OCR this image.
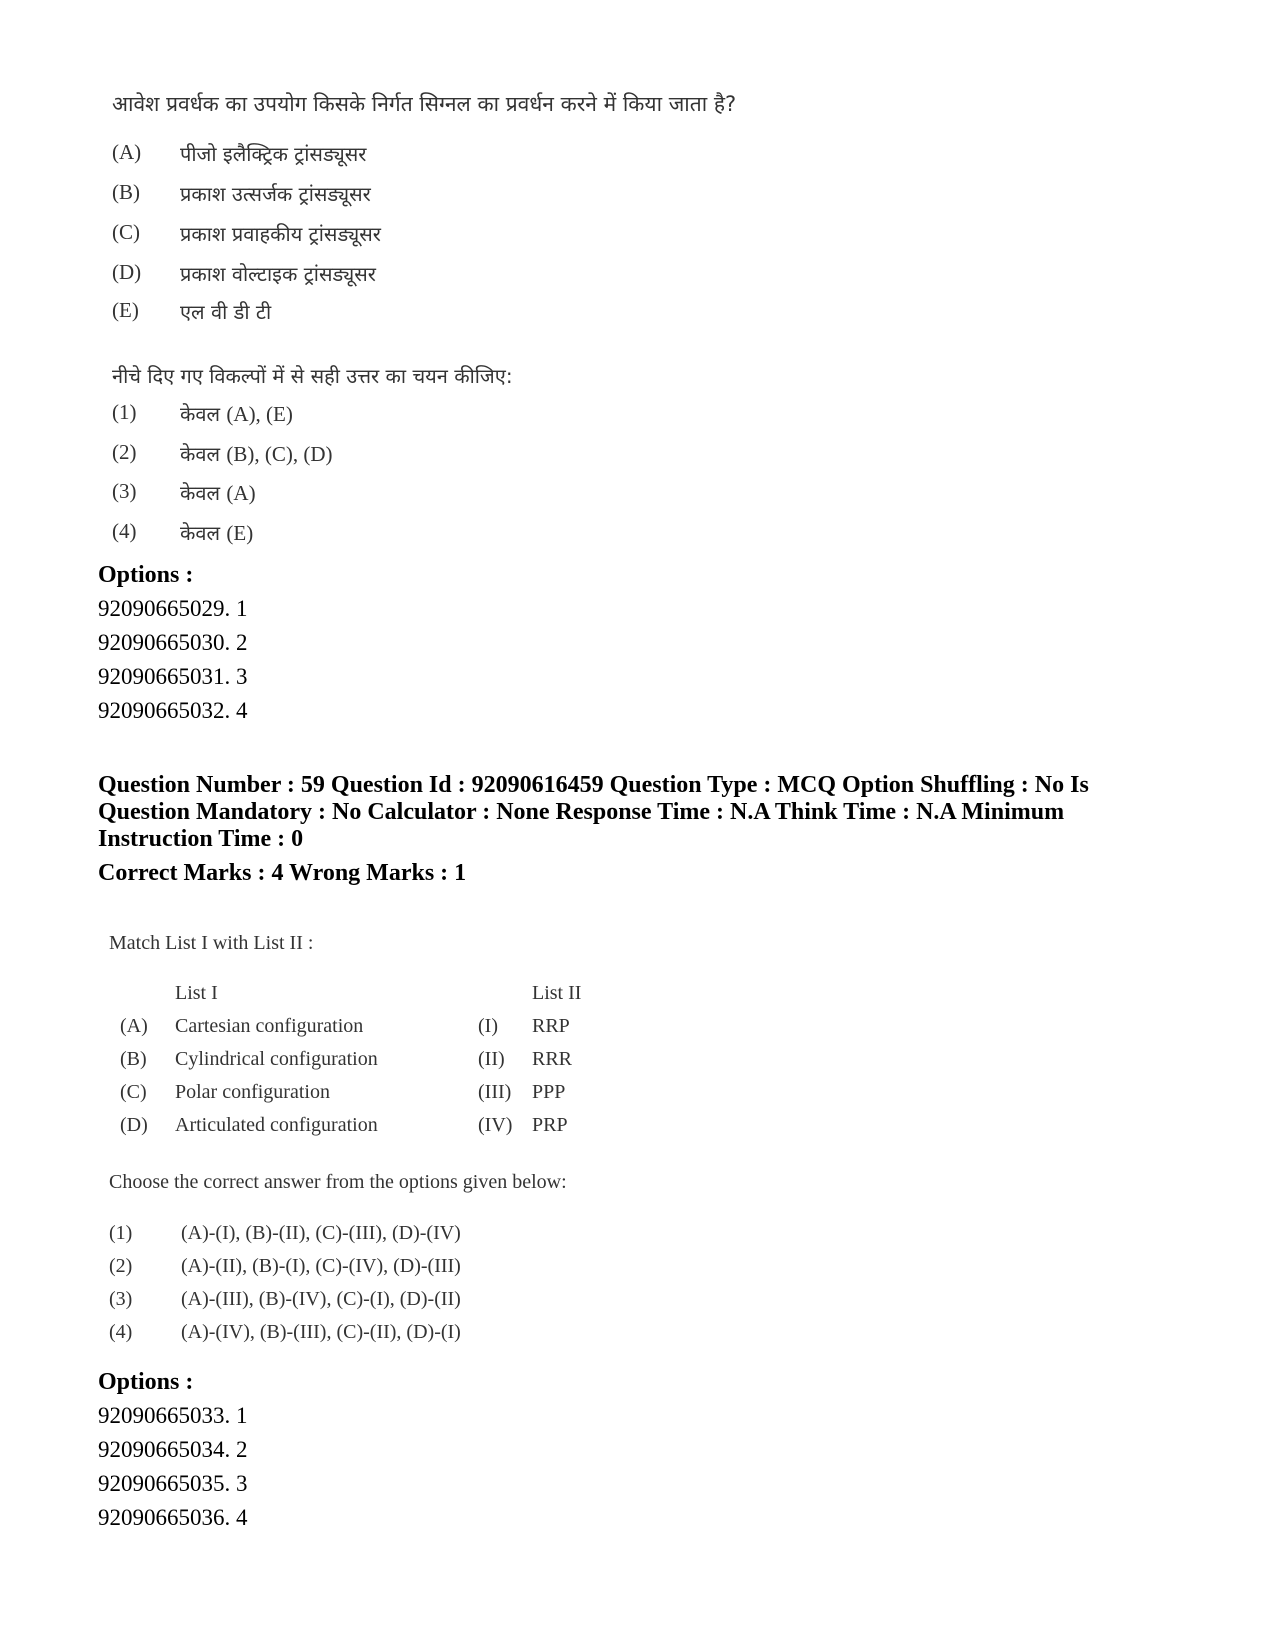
आवेश प्रवर्धक का उपयोग किसके निर्गत सिग्नल का प्रवर्धन करने में किया जाता है?
(A)	पीजो इलैक्ट्रिक ट्रांसड्यूसर
(B)	प्रकाश उत्सर्जक ट्रांसड्यूसर
(C)	प्रकाश प्रवाहकीय ट्रांसड्यूसर
(D)	प्रकाश वोल्टाइक ट्रांसड्यूसर
(E)	एल वी डी टी
नीचे दिए गए विकल्पों में से सही उत्तर का चयन कीजिए:
(1)	केवल (A), (E)
(2)	केवल (B), (C), (D)
(3)	केवल (A)
(4)	केवल (E)
Options :
92090665029. 1
92090665030. 2
92090665031. 3
92090665032. 4
Question Number : 59 Question Id : 92090616459 Question Type : MCQ Option Shuffling : No Is
Question Mandatory : No Calculator : None Response Time : N.A Think Time : N.A Minimum
Instruction Time : 0
Correct Marks : 4 Wrong Marks : 1
Match List I with List II :
List I	List II
(A) Cartesian configuration	(I) RRP
(B) Cylindrical configuration	(II) RRR
(C) Polar configuration	(III) PPP
(D) Articulated configuration	(IV) PRP
Choose the correct answer from the options given below:
(1) (A)-(I), (B)-(II), (C)-(III), (D)-(IV)
(2) (A)-(II), (B)-(I), (C)-(IV), (D)-(III)
(3) (A)-(III), (B)-(IV), (C)-(I), (D)-(II)
(4) (A)-(IV), (B)-(III), (C)-(II), (D)-(I)
Options :
92090665033. 1
92090665034. 2
92090665035. 3
92090665036. 4
